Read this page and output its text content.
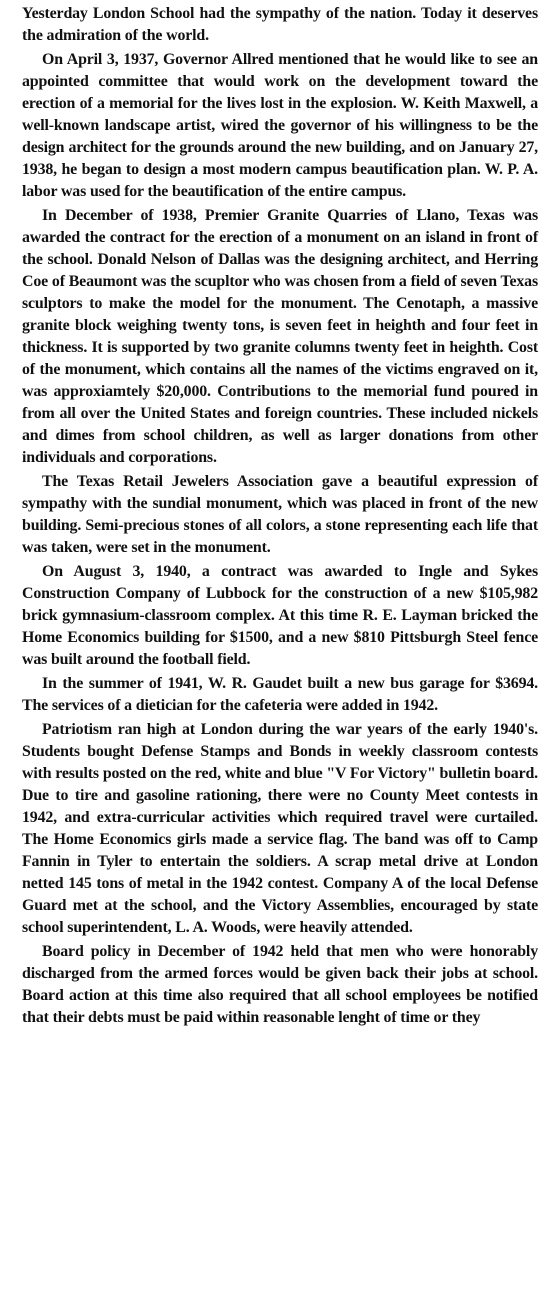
Yesterday London School had the sympathy of the nation. Today it deserves the admiration of the world.

On April 3, 1937, Governor Allred mentioned that he would like to see an appointed committee that would work on the development toward the erection of a memorial for the lives lost in the explosion. W. Keith Maxwell, a well-known landscape artist, wired the governor of his willingness to be the design architect for the grounds around the new building, and on January 27, 1938, he began to design a most modern campus beautification plan. W. P. A. labor was used for the beautification of the entire campus.

In December of 1938, Premier Granite Quarries of Llano, Texas was awarded the contract for the erection of a monument on an island in front of the school. Donald Nelson of Dallas was the designing architect, and Herring Coe of Beaumont was the scupltor who was chosen from a field of seven Texas sculptors to make the model for the monument. The Cenotaph, a massive granite block weighing twenty tons, is seven feet in heighth and four feet in thickness. It is supported by two granite columns twenty feet in heighth. Cost of the monument, which contains all the names of the victims engraved on it, was approxiamtely $20,000. Contributions to the memorial fund poured in from all over the United States and foreign countries. These included nickels and dimes from school children, as well as larger donations from other individuals and corporations.

The Texas Retail Jewelers Association gave a beautiful expression of sympathy with the sundial monument, which was placed in front of the new building. Semi-precious stones of all colors, a stone representing each life that was taken, were set in the monument.

On August 3, 1940, a contract was awarded to Ingle and Sykes Construction Company of Lubbock for the construction of a new $105,982 brick gymnasium-classroom complex. At this time R. E. Layman bricked the Home Economics building for $1500, and a new $810 Pittsburgh Steel fence was built around the football field.

In the summer of 1941, W. R. Gaudet built a new bus garage for $3694. The services of a dietician for the cafeteria were added in 1942.

Patriotism ran high at London during the war years of the early 1940's. Students bought Defense Stamps and Bonds in weekly classroom contests with results posted on the red, white and blue "V For Victory" bulletin board. Due to tire and gasoline rationing, there were no County Meet contests in 1942, and extra-curricular activities which required travel were curtailed. The Home Economics girls made a service flag. The band was off to Camp Fannin in Tyler to entertain the soldiers. A scrap metal drive at London netted 145 tons of metal in the 1942 contest. Company A of the local Defense Guard met at the school, and the Victory Assemblies, encouraged by state school superintendent, L. A. Woods, were heavily attended.

Board policy in December of 1942 held that men who were honorably discharged from the armed forces would be given back their jobs at school. Board action at this time also required that all school employees be notified that their debts must be paid within reasonable lenght of time or they
